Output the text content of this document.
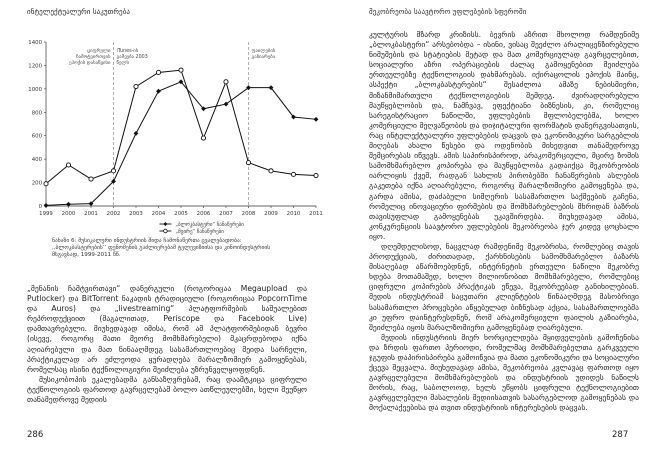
ინტელექტუალური საკუთრება
0
200
400
600
800
1000
1200
1400
1999 2000 2001 2002 2003 2004 2005 2006 2007 2008 2009 2010 2011
ციფრული
ჩამოტვირთვის
ეპოქის დასაწყისი
iTunes-ის
გაშვება 2003
წელს
ფაილების
გაზიარება
„ბლოკბასტერი“ ჩანაწერები
„მცირე“ ჩანაწერები
ნახაზი 6: მუსიკალური ინდუსტრიის შიდა ჩამონაწერთა ცვალებადობა: ,,ბლოკბასტერების’’ ფენომენის გაძლიერებამ ტელევიზიისა და კინოინდუსტრიის მსგავსად, 1999-2011 წწ.

„მენანის ჩამტვირთავი“ დანერგული (როგორიცაა Megaupload და Putlocker) და BitTorrent ნაკადის ტრადიციული (როგორიცაა PopcornTime და Auros) და „livestreaming“ პლატფორმების საშუალებით რეპროდუქციით (მაგალითად, Periscope და Facebook Live) დამთავრებული. მიუხედავად იმისა, რომ ამ პლატფორმებიდან ბევრი (ისევე, როგორც მათი მეორე მომხმარებელი) მკაცრდებოდა იქნა აღიარებული და მათ ნინააღმდეგ სასამართლოებიც მეიდა სარჩელი, პრაქტიკულად არ ეძლეოდა ყურადღება მარალზომიერ გამოყენებას, რომელსაც ისინი ტექნოლოგიური შეიძლება უზრუნველყოფდნენ.

მუსიკობოპის ეკალებადმა განსაზღვრებამ, რაც დაამტკიცა ციფრული ტექნოლოგიის ფართოდ გავრცელებამ ბოლო ათწლეულებში, ხელი შეუწყო თანამედროვე მედიის

286
მეკობრეობა საავტორო უფლებების სფეროში

კულტურის მზარდ კრიზისს. ბევრის აზრით მხოლოდ რამდენიმე „ბლოკბასტერი“ არსებობდა – ისინი, ვისაც შეეძლო არალიცენზირებული ნიმუშების და სტატიების მეტად და მათ კომერციულად გავრცელებით, სოციალური აზრი ოპერაციების ძალაც გამოყენებით მეიძლება ერთეულებზე ტექნოლოგიის დახმარებას. იქირაცოლის ეპოქის მაინც, ასპექტი „ბლოკბასტერების“ შესაძლოა ამაზე ნებისმიერი, მიზანმიმართული ტექნოლოგიების შემდეგ. ძვირადღირებული მაუწყებლობის და, ნამჩვავ, ეფექტიანი ბიზნესის, კი, რომელიც სარეგისტრაციო ნაწილში, უფლებების მფლობელებმა, ხოლო კომერციული მეღვაწეობის და დიჯიტალური ფორმატის დანერგვისათვის, რაც ინტელექტუალური უფლებების დაცვის და ეკონომიკური სარგებლის მიღებას ახალი წესები და ოდენობის მიხედვით თანამედროვე შემცირებას იწვევს. ამის საპირისპიროდ, არაკომერციული, მცირე ზომის სამომხმარებლო კოპირება და მაუწყებლობა გადაიქცა მეკობრეობის იარლიყის ქვეშ, რადგან სახლის პირობებში ჩანაწერების ასლების გაკეთება იქნა აღიარებული, როგორც მარალზომიერი გამოყენება და, გარდა ამისა, დაძაბული სიმღერის სასამართლო საქმეების გაჩენა, რომელიც ინოვაციური ფირმების და მომხმარებლების მხრიდან ბაზრის თავისუფლად გამოყენებას უკავშირდება. მიუხედავად ამისა, კონკურენციის საავტორო უფლებების მეკობრეობა ჯერ კიდევ ცოცხალი იყო.

დღემდელისოდ, ნაცვლად რამდენიმე მეკობრისა, რომლებიც თავის პროდუქციას, ძირითადად, ქარხნისების სამომხმარებლო ბაზარს მისაღებად აწარმოებდნენ, ინტერნეტის ერთეული ნაწილი მეკობრე ხდება მოთამაშედ, ხოლო მილიონობით მომხმარებელი, რომლებიც ციფრული კოპირების პრაქტიკას ეწევა, მეკობრეებად განიხილებიან. მედის ინდუსტრიამ საცუთარი კლიენტების წინააღმდეგ მასობრივი სასამართლო პროცესები აწყებულად ბიზნესად აქცია, სასამართლოებმა კი უფრო დაინტერესდნენ, რომ არაკომერციული ფაილის გაზიარება, შეიძლება იყოს მარალზომიერი გამოყენებად ღიარებული.

მედიის ინდუსტრიის მიერ ხორციელდება მყიდველების გამოჩენისა და ზრდის ფართო პერიოდი, რომელმაც მომხმარებელთა გარკვეული ჯგუფის დაპირისპირება გამოიწვია და მათი ეკონომიკური და სოციალური ქცევა შეცვალა. მიუხედავად ამისა, მეკობრეობა კვლავაც ფართოდ იყო გავრცელებული მომხმარებლების და ინდუსტრიის უდიდეს ნაწილს შორის, რაც, საბოლოოდ, ხელს უწყობს ციფრული ტექნოლოგიებით გავრცელებული მასალების მედიისათვის სასარგებლოდ გამოყენებას და მოქალაქეებისა და თვით ინდუსტრიის ინტერესების დაცვას.

287
